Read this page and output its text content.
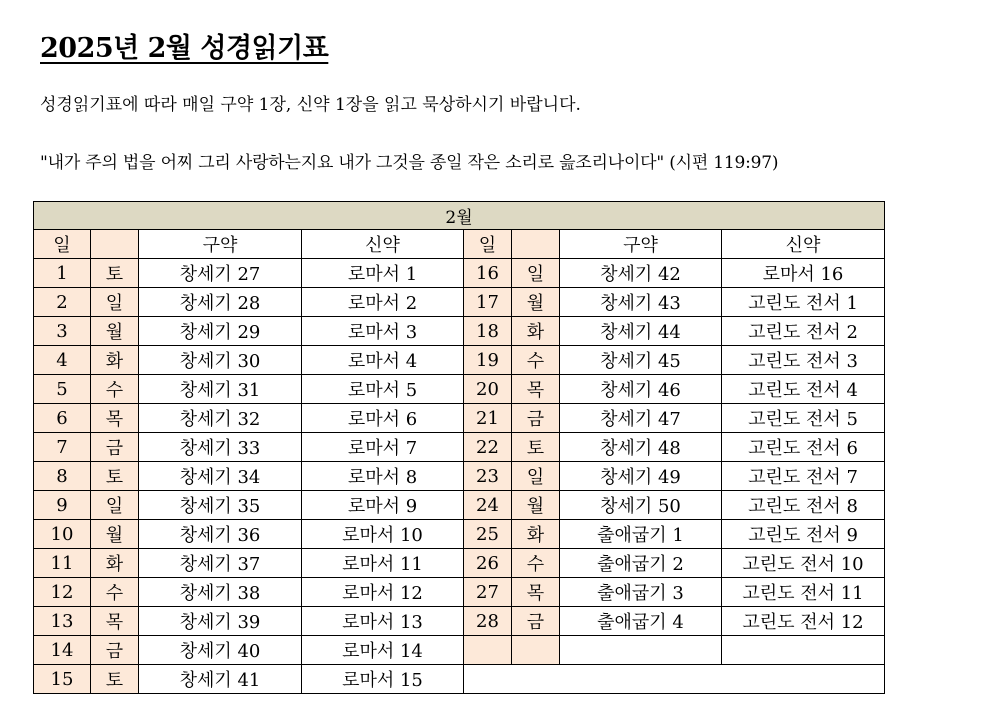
2025년 2월 성경읽기표
성경읽기표에 따라 매일 구약 1장, 신약 1장을 읽고 묵상하시기 바랍니다.
"내가 주의 법을 어찌 그리 사랑하는지요 내가 그것을 종일 작은 소리로 읊조리나이다" (시편 119:97)
2월							
일		구약	신약	일		구약	신약
1	토	창세기 27	로마서 1	16	일	창세기 42	로마서 16
2	일	창세기 28	로마서 2	17	월	창세기 43	고린도 전서 1
3	월	창세기 29	로마서 3	18	화	창세기 44	고린도 전서 2
4	화	창세기 30	로마서 4	19	수	창세기 45	고린도 전서 3
5	수	창세기 31	로마서 5	20	목	창세기 46	고린도 전서 4
6	목	창세기 32	로마서 6	21	금	창세기 47	고린도 전서 5
7	금	창세기 33	로마서 7	22	토	창세기 48	고린도 전서 6
8	토	창세기 34	로마서 8	23	일	창세기 49	고린도 전서 7
9	일	창세기 35	로마서 9	24	월	창세기 50	고린도 전서 8
10	월	창세기 36	로마서 10	25	화	출애굽기 1	고린도 전서 9
11	화	창세기 37	로마서 11	26	수	출애굽기 2	고린도 전서 10
12	수	창세기 38	로마서 12	27	목	출애굽기 3	고린도 전서 11
13	목	창세기 39	로마서 13	28	금	출애굽기 4	고린도 전서 12
14	금	창세기 40	로마서 14				
15	토	창세기 41	로마서 15				
